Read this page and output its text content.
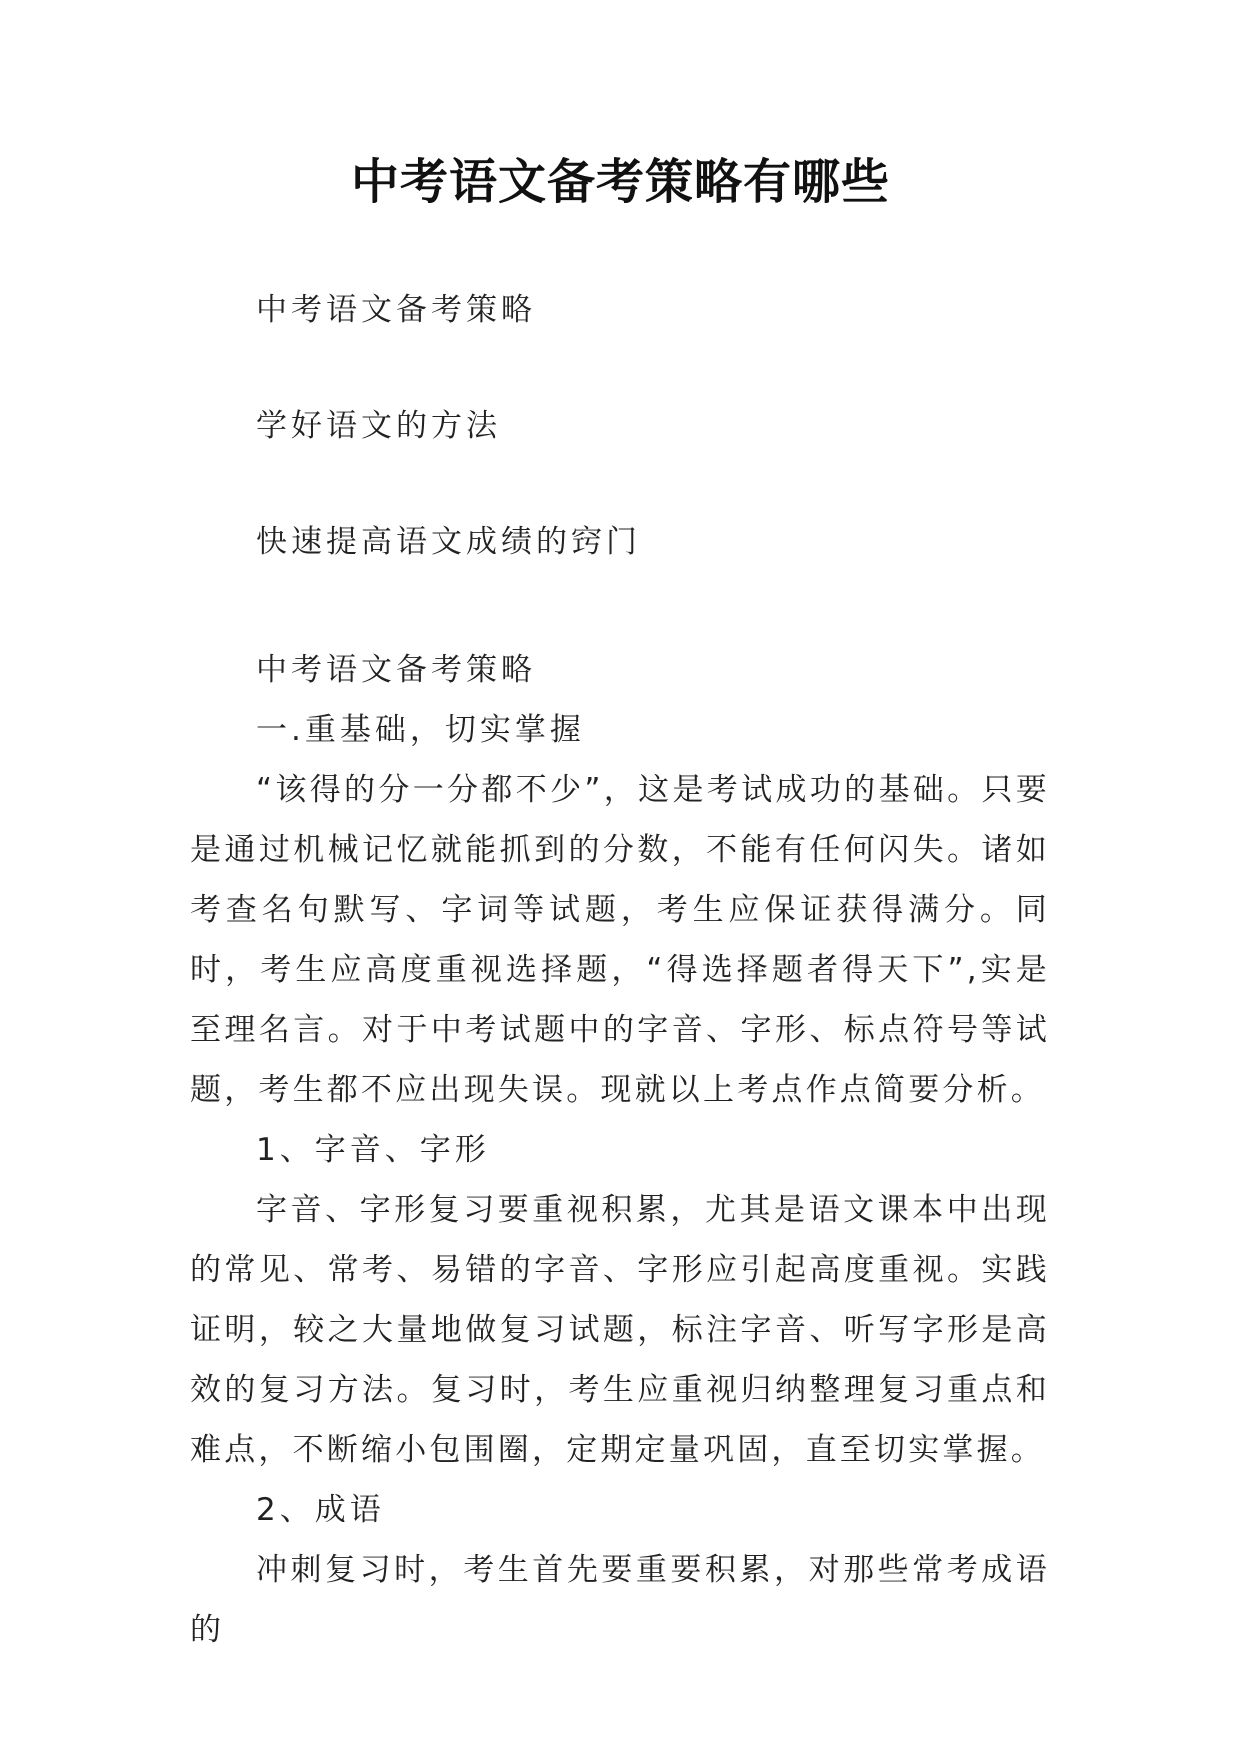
中考语文备考策略有哪些
中考语文备考策略
学好语文的方法
快速提高语文成绩的窍门
中考语文备考策略
一.重基础，切实掌握

“该得的分一分都不少”，这是考试成功的基础。只要是通过机械记忆就能抓到的分数，不能有任何闪失。诸如考查名句默写、字词等试题，考生应保证获得满分。同时，考生应高度重视选择题，“得选择题者得天下”,实是至理名言。对于中考试题中的字音、字形、标点符号等试题，考生都不应出现失误。现就以上考点作点简要分析。

1、字音、字形

字音、字形复习要重视积累，尤其是语文课本中出现的常见、常考、易错的字音、字形应引起高度重视。实践证明，较之大量地做复习试题，标注字音、听写字形是高效的复习方法。复习时，考生应重视归纳整理复习重点和难点，不断缩小包围圈，定期定量巩固，直至切实掌握。

2、成语

冲刺复习时，考生首先要重要积累，对那些常考成语的
